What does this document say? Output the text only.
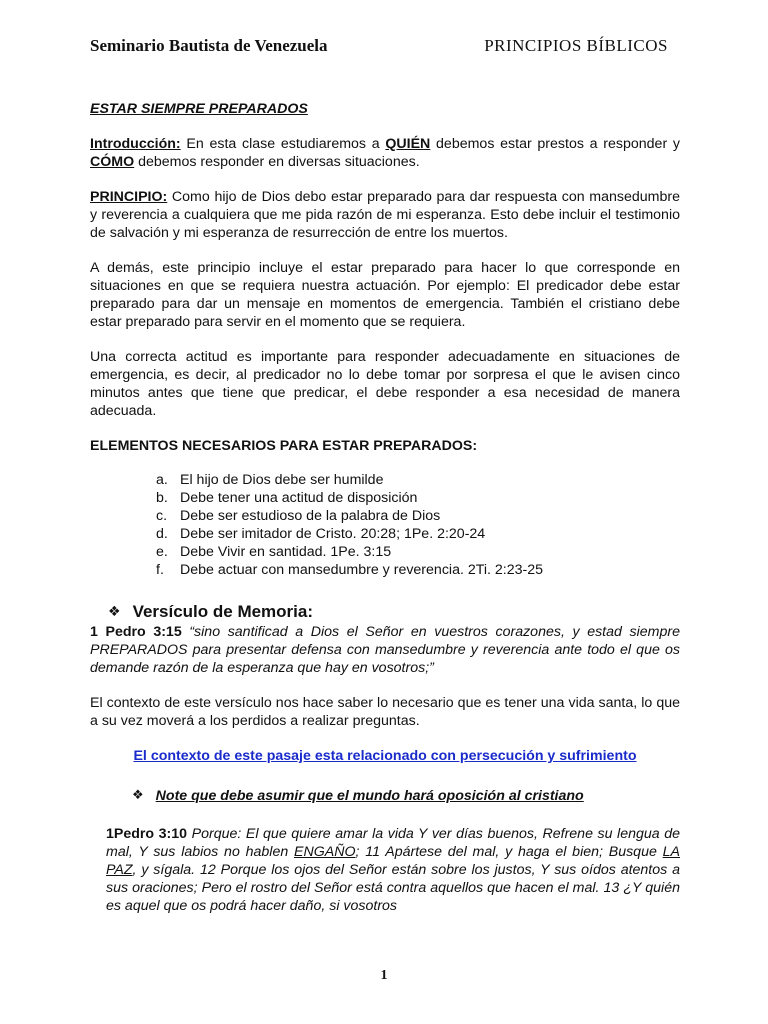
Seminario Bautista de Venezuela	PRINCIPIOS BÍBLICOS

ESTAR SIEMPRE PREPARADOS

Introducción: En esta clase estudiaremos a QUIÉN debemos estar prestos a responder y CÓMO debemos responder en diversas situaciones.

PRINCIPIO: Como hijo de Dios debo estar preparado para dar respuesta con mansedumbre y reverencia a cualquiera que me pida razón de mi esperanza. Esto debe incluir el testimonio de salvación y mi esperanza de resurrección de entre los muertos.

A demás, este principio incluye el estar preparado para hacer lo que corresponde en situaciones en que se requiera nuestra actuación. Por ejemplo: El predicador debe estar preparado para dar un mensaje en momentos de emergencia. También el cristiano debe estar preparado para servir en el momento que se requiera.

Una correcta actitud es importante para responder adecuadamente en situaciones de emergencia, es decir, al predicador no lo debe tomar por sorpresa el que le avisen cinco minutos antes que tiene que predicar, el debe responder a esa necesidad de manera adecuada.

ELEMENTOS NECESARIOS PARA ESTAR PREPARADOS:

a. El hijo de Dios debe ser humilde
b. Debe tener una actitud de disposición
c. Debe ser estudioso de la palabra de Dios
d. Debe ser imitador de Cristo. 20:28; 1Pe. 2:20-24
e. Debe Vivir en santidad. 1Pe. 3:15
f.	Debe actuar con mansedumbre y reverencia. 2Ti. 2:23-25
❖ Versículo de Memoria:

1 Pedro 3:15 “sino santificad a Dios el Señor en vuestros corazones, y estad siempre PREPARADOS para presentar defensa con mansedumbre y reverencia ante todo el que os demande razón de la esperanza que hay en vosotros;”

El contexto de este versículo nos hace saber lo necesario que es tener una vida santa, lo que a su vez moverá a los perdidos a realizar preguntas.

El contexto de este pasaje esta relacionado con persecución y sufrimiento

❖ Note que debe asumir que el mundo hará oposición al cristiano

1Pedro 3:10 Porque: El que quiere amar la vida Y ver días buenos, Refrene su lengua de mal, Y sus labios no hablen ENGAÑO; 11 Apártese del mal, y haga el bien; Busque LA PAZ, y sígala. 12 Porque los ojos del Señor están sobre los justos, Y sus oídos atentos a sus oraciones; Pero el rostro del Señor está contra aquellos que hacen el mal. 13 ¿Y quién es aquel que os podrá hacer daño, si vosotros

1
